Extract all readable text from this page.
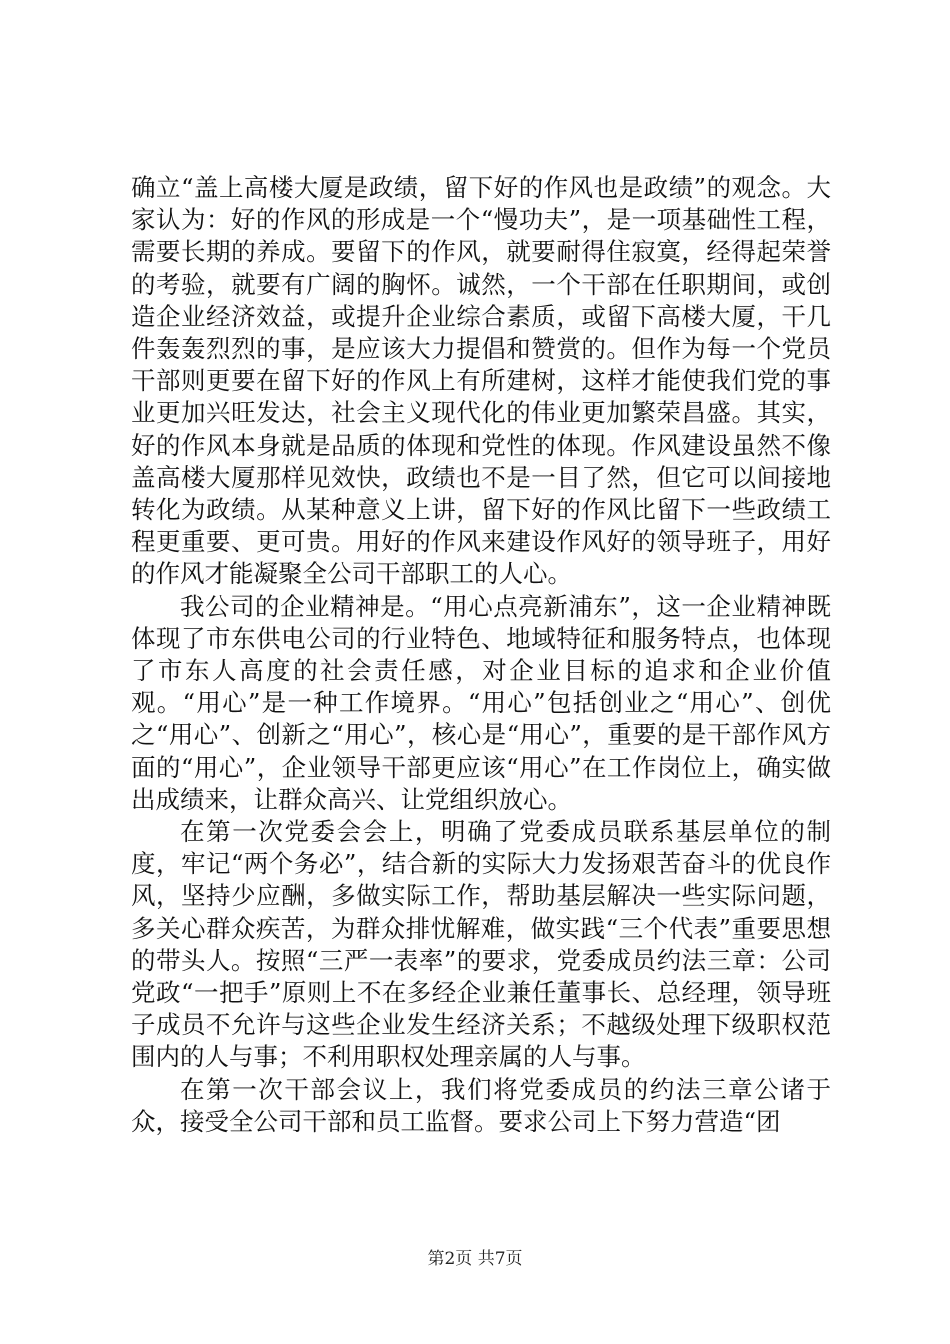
确立“盖上高楼大厦是政绩，留下好的作风也是政绩”的观念。大家认为：好的作风的形成是一个“慢功夫”，是一项基础性工程，需要长期的养成。要留下的作风，就要耐得住寂寞，经得起荣誉的考验，就要有广阔的胸怀。诚然，一个干部在任职期间，或创造企业经济效益，或提升企业综合素质，或留下高楼大厦，干几件轰轰烈烈的事，是应该大力提倡和赞赏的。但作为每一个党员干部则更要在留下好的作风上有所建树，这样才能使我们党的事业更加兴旺发达，社会主义现代化的伟业更加繁荣昌盛。其实，好的作风本身就是品质的体现和党性的体现。作风建设虽然不像盖高楼大厦那样见效快，政绩也不是一目了然，但它可以间接地转化为政绩。从某种意义上讲，留下好的作风比留下一些政绩工程更重要、更可贵。用好的作风来建设作风好的领导班子，用好的作风才能凝聚全公司干部职工的人心。

我公司的企业精神是。“用心点亮新浦东”，这一企业精神既体现了市东供电公司的行业特色、地域特征和服务特点，也体现了市东人高度的社会责任感，对企业目标的追求和企业价值观。“用心”是一种工作境界。“用心”包括创业之“用心”、创优之“用心”、创新之“用心”，核心是“用心”，重要的是干部作风方面的“用心”，企业领导干部更应该“用心”在工作岗位上，确实做出成绩来，让群众高兴、让党组织放心。

在第一次党委会会上，明确了党委成员联系基层单位的制度，牢记“两个务必”，结合新的实际大力发扬艰苦奋斗的优良作风，坚持少应酬，多做实际工作，帮助基层解决一些实际问题，多关心群众疾苦，为群众排忧解难，做实践“三个代表”重要思想的带头人。按照“三严一表率”的要求，党委成员约法三章：公司党政“一把手”原则上不在多经企业兼任董事长、总经理，领导班子成员不允许与这些企业发生经济关系；不越级处理下级职权范围内的人与事；不利用职权处理亲属的人与事。

在第一次干部会议上，我们将党委成员的约法三章公诸于众，接受全公司干部和员工监督。要求公司上下努力营造“团

第2页 共7页
